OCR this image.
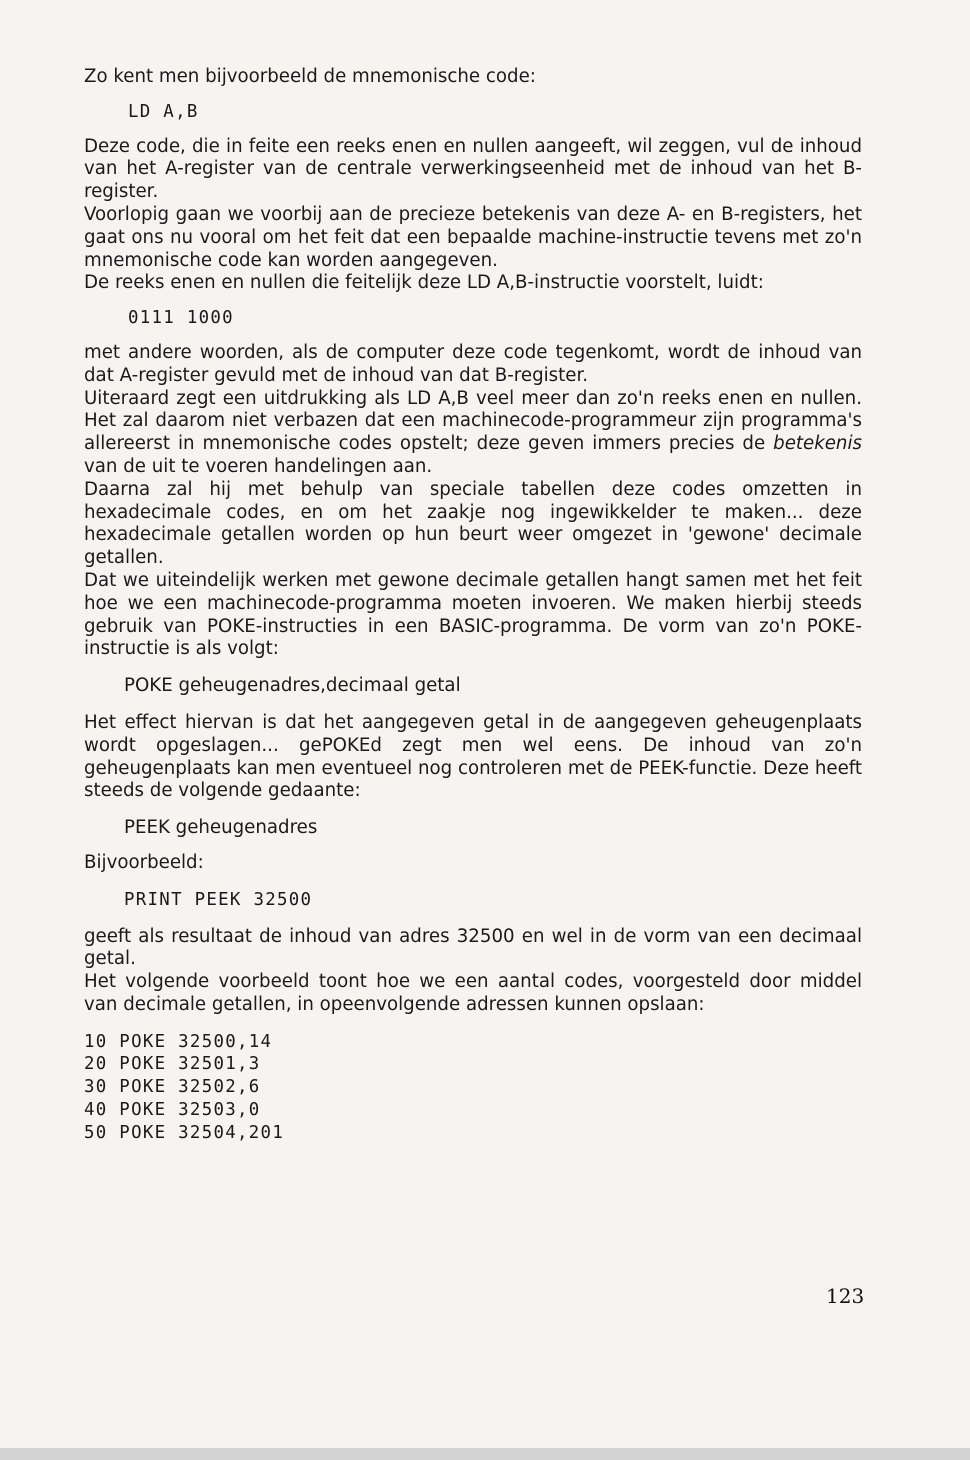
Zo kent men bijvoorbeeld de mnemonische code:

LD A,B

Deze code, die in feite een reeks enen en nullen aangeeft, wil zeggen, vul de inhoud van het A-register van de centrale verwerkingseenheid met de inhoud van het B-register.

Voorlopig gaan we voorbij aan de precieze betekenis van deze A- en B-registers, het gaat ons nu vooral om het feit dat een bepaalde machine-instructie tevens met zo'n mnemonische code kan worden aangegeven.

De reeks enen en nullen die feitelijk deze LD A,B-instructie voorstelt, luidt:

0111 1000

met andere woorden, als de computer deze code tegenkomt, wordt de inhoud van dat A-register gevuld met de inhoud van dat B-register.

Uiteraard zegt een uitdrukking als LD A,B veel meer dan zo'n reeks enen en nullen. Het zal daarom niet verbazen dat een machinecode-programmeur zijn programma's allereerst in mnemonische codes opstelt; deze geven immers precies de betekenis van de uit te voeren handelingen aan.

Daarna zal hij met behulp van speciale tabellen deze codes omzetten in hexadecimale codes, en om het zaakje nog ingewikkelder te maken... deze hexadecimale getallen worden op hun beurt weer omgezet in 'gewone' decimale getallen.

Dat we uiteindelijk werken met gewone decimale getallen hangt samen met het feit hoe we een machinecode-programma moeten invoeren. We maken hierbij steeds gebruik van POKE-instructies in een BASIC-programma. De vorm van zo'n POKE-instructie is als volgt:

POKE geheugenadres,decimaal getal

Het effect hiervan is dat het aangegeven getal in de aangegeven geheugenplaats wordt opgeslagen... gePOKEd zegt men wel eens. De inhoud van zo'n geheugenplaats kan men eventueel nog controleren met de PEEK-functie. Deze heeft steeds de volgende gedaante:

PEEK geheugenadres

Bijvoorbeeld:

PRINT PEEK 32500

geeft als resultaat de inhoud van adres 32500 en wel in de vorm van een decimaal getal.

Het volgende voorbeeld toont hoe we een aantal codes, voorgesteld door middel van decimale getallen, in opeenvolgende adressen kunnen opslaan:

10 POKE 32500,14
20 POKE 32501,3
30 POKE 32502,6
40 POKE 32503,0
50 POKE 32504,201
123
